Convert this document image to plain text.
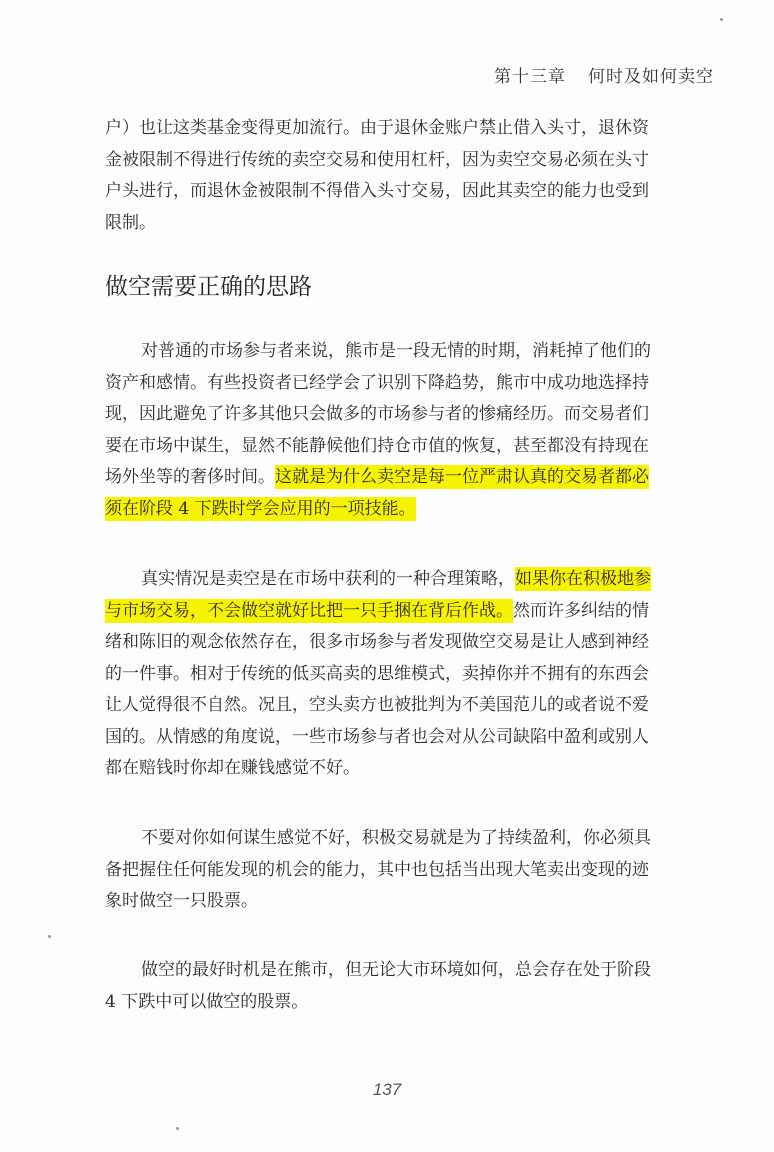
第十三章 何时及如何卖空
户）也让这类基金变得更加流行。由于退休金账户禁止借入头寸，退休资
金被限制不得进行传统的卖空交易和使用杠杆，因为卖空交易必须在头寸
户头进行，而退休金被限制不得借入头寸交易，因此其卖空的能力也受到
限制。
做空需要正确的思路
对普通的市场参与者来说，熊市是一段无情的时期，消耗掉了他们的
资产和感情。有些投资者已经学会了识别下降趋势，熊市中成功地选择持
现，因此避免了许多其他只会做多的市场参与者的惨痛经历。而交易者们
要在市场中谋生，显然不能静候他们持仓市值的恢复，甚至都没有持现在
场外坐等的奢侈时间。这就是为什么卖空是每一位严肃认真的交易者都必
须在阶段 4 下跌时学会应用的一项技能。
真实情况是卖空是在市场中获利的一种合理策略，如果你在积极地参
与市场交易，不会做空就好比把一只手捆在背后作战。然而许多纠结的情
绪和陈旧的观念依然存在，很多市场参与者发现做空交易是让人感到神经
的一件事。相对于传统的低买高卖的思维模式，卖掉你并不拥有的东西会
让人觉得很不自然。况且，空头卖方也被批判为不美国范儿的或者说不爱
国的。从情感的角度说，一些市场参与者也会对从公司缺陷中盈利或别人
都在赔钱时你却在赚钱感觉不好。
不要对你如何谋生感觉不好，积极交易就是为了持续盈利，你必须具
备把握住任何能发现的机会的能力，其中也包括当出现大笔卖出变现的迹
象时做空一只股票。
做空的最好时机是在熊市，但无论大市环境如何，总会存在处于阶段
4 下跌中可以做空的股票。
137
